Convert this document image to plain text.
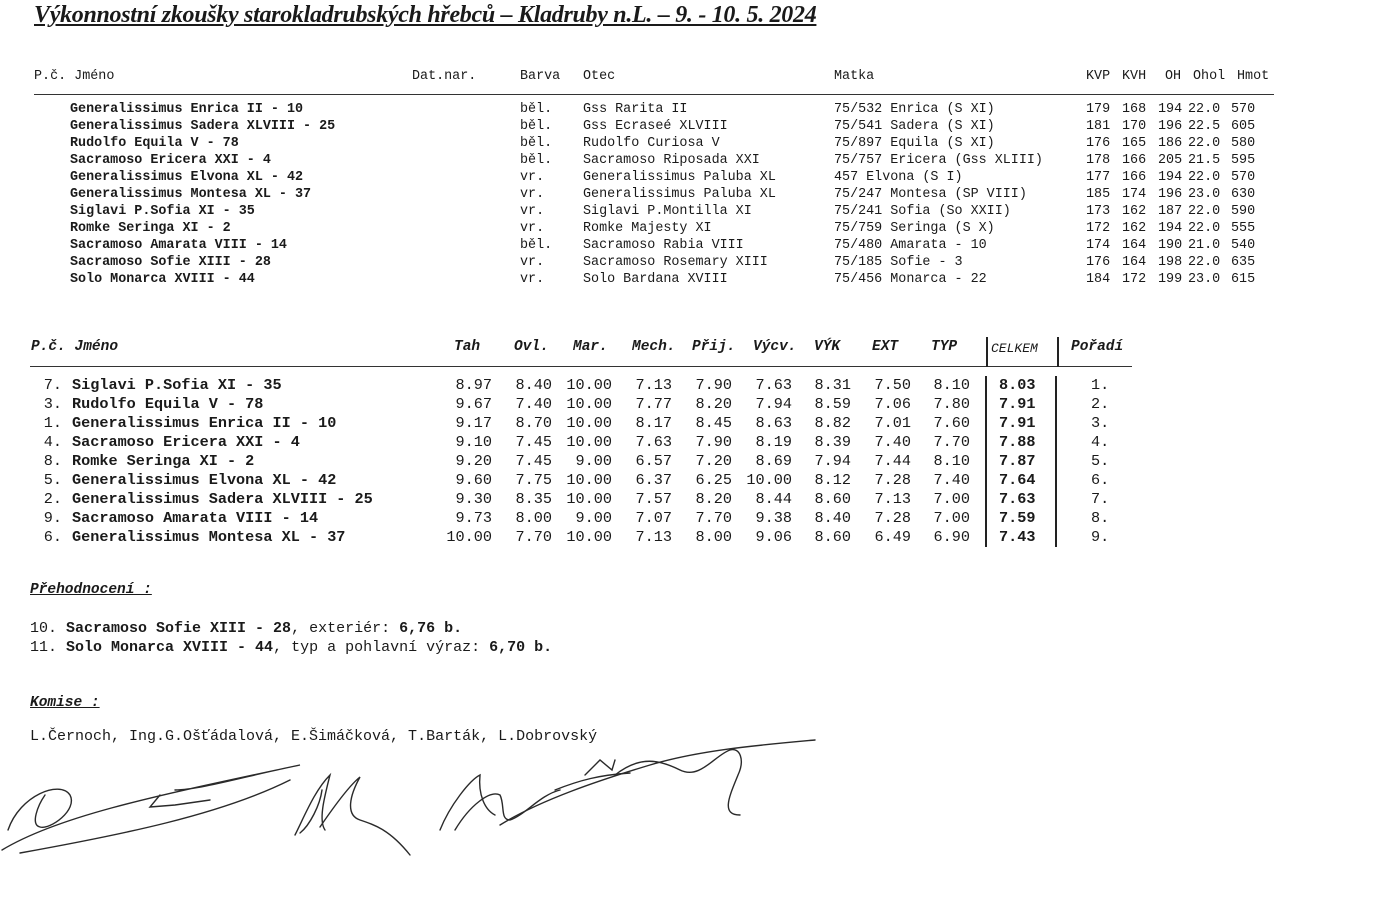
Výkonnostní zkoušky starokladrubských hřebců – Kladruby n.L. – 9. - 10. 5. 2024
P.č. Jméno	Dat.nar.	Barva Otec	Matka	KVP KVH OH Ohol Hmot
Generalissimus Enrica II - 10	běl. Gss Rarita II	75/532 Enrica (S XI)	179 168 194 22.0 570
Generalissimus Sadera XLVIII - 25	běl. Gss Ecraseé XLVIII	75/541 Sadera (S XI)	181 170 196 22.5 605
Rudolfo Equila V - 78	běl. Rudolfo Curiosa V	75/897 Equila (S XI)	176 165 186 22.0 580
Sacramoso Ericera XXI - 4	běl. Sacramoso Riposada XXI	75/757 Ericera (Gss XLIII)	178 166 205 21.5 595
Generalissimus Elvona XL - 42	vr.	Generalissimus Paluba XL	457 Elvona (S I)	177 166 194 22.0 570
Generalissimus Montesa XL - 37	vr.	Generalissimus Paluba XL	75/247 Montesa (SP VIII)	185 174 196 23.0 630
Siglavi P.Sofia XI - 35	vr.	Siglavi P.Montilla XI	75/241 Sofia (So XXII)	173 162 187 22.0 590
Romke Seringa XI - 2	vr.	Romke Majesty XI	75/759 Seringa (S X)	172 162 194 22.0 555
Sacramoso Amarata VIII - 14	běl. Sacramoso Rabia VIII	75/480 Amarata - 10	174 164 190 21.0 540
Sacramoso Sofie XIII - 28	vr.	Sacramoso Rosemary XIII	75/185 Sofie - 3	176 164 198 22.0 635
Solo Monarca XVIII - 44	vr.	Solo Bardana XVIII	75/456 Monarca - 22	184 172 199 23.0 615
P.č. Jméno	Tah Ovl. Mar. Mech. Přij. Výcv. VÝK EXT TYP	CELKEM Pořadí
7. Siglavi P.Sofia XI - 35	8.97 8.40 10.00 7.13 7.90 7.63 8.31 7.50 8.10 8.03	1.
3. Rudolfo Equila V - 78	9.67 7.40 10.00 7.77 8.20 7.94 8.59 7.06 7.80 7.91	2.
1. Generalissimus Enrica II - 10	9.17 8.70 10.00 8.17 8.45 8.63 8.82 7.01 7.60 7.91	3.
4. Sacramoso Ericera XXI - 4	9.10 7.45 10.00 7.63 7.90 8.19 8.39 7.40 7.70 7.88	4.
8. Romke Seringa XI - 2	9.20 7.45 9.00 6.57 7.20 8.69 7.94 7.44 8.10 7.87	5.
5. Generalissimus Elvona XL - 42	9.60 7.75 10.00 6.37 6.25 10.00 8.12 7.28 7.40 7.64	6.
2. Generalissimus Sadera XLVIII - 25	9.30 8.35 10.00 7.57 8.20 8.44 8.60 7.13 7.00 7.63	7.
9. Sacramoso Amarata VIII - 14	9.73 8.00 9.00 7.07 7.70 9.38 8.40 7.28 7.00 7.59	8.
6. Generalissimus Montesa XL - 37	10.00 7.70 10.00 7.13 8.00 9.06 8.60 6.49 6.90 7.43	9.
Přehodnocení :
10. Sacramoso Sofie XIII - 28, exteriér: 6,76 b.
11. Solo Monarca XVIII - 44, typ a pohlavní výraz: 6,70 b.
Komise :
L.Černoch, Ing.G.Ošťádalová, E.Šimáčková, T.Barták, L.Dobrovský
